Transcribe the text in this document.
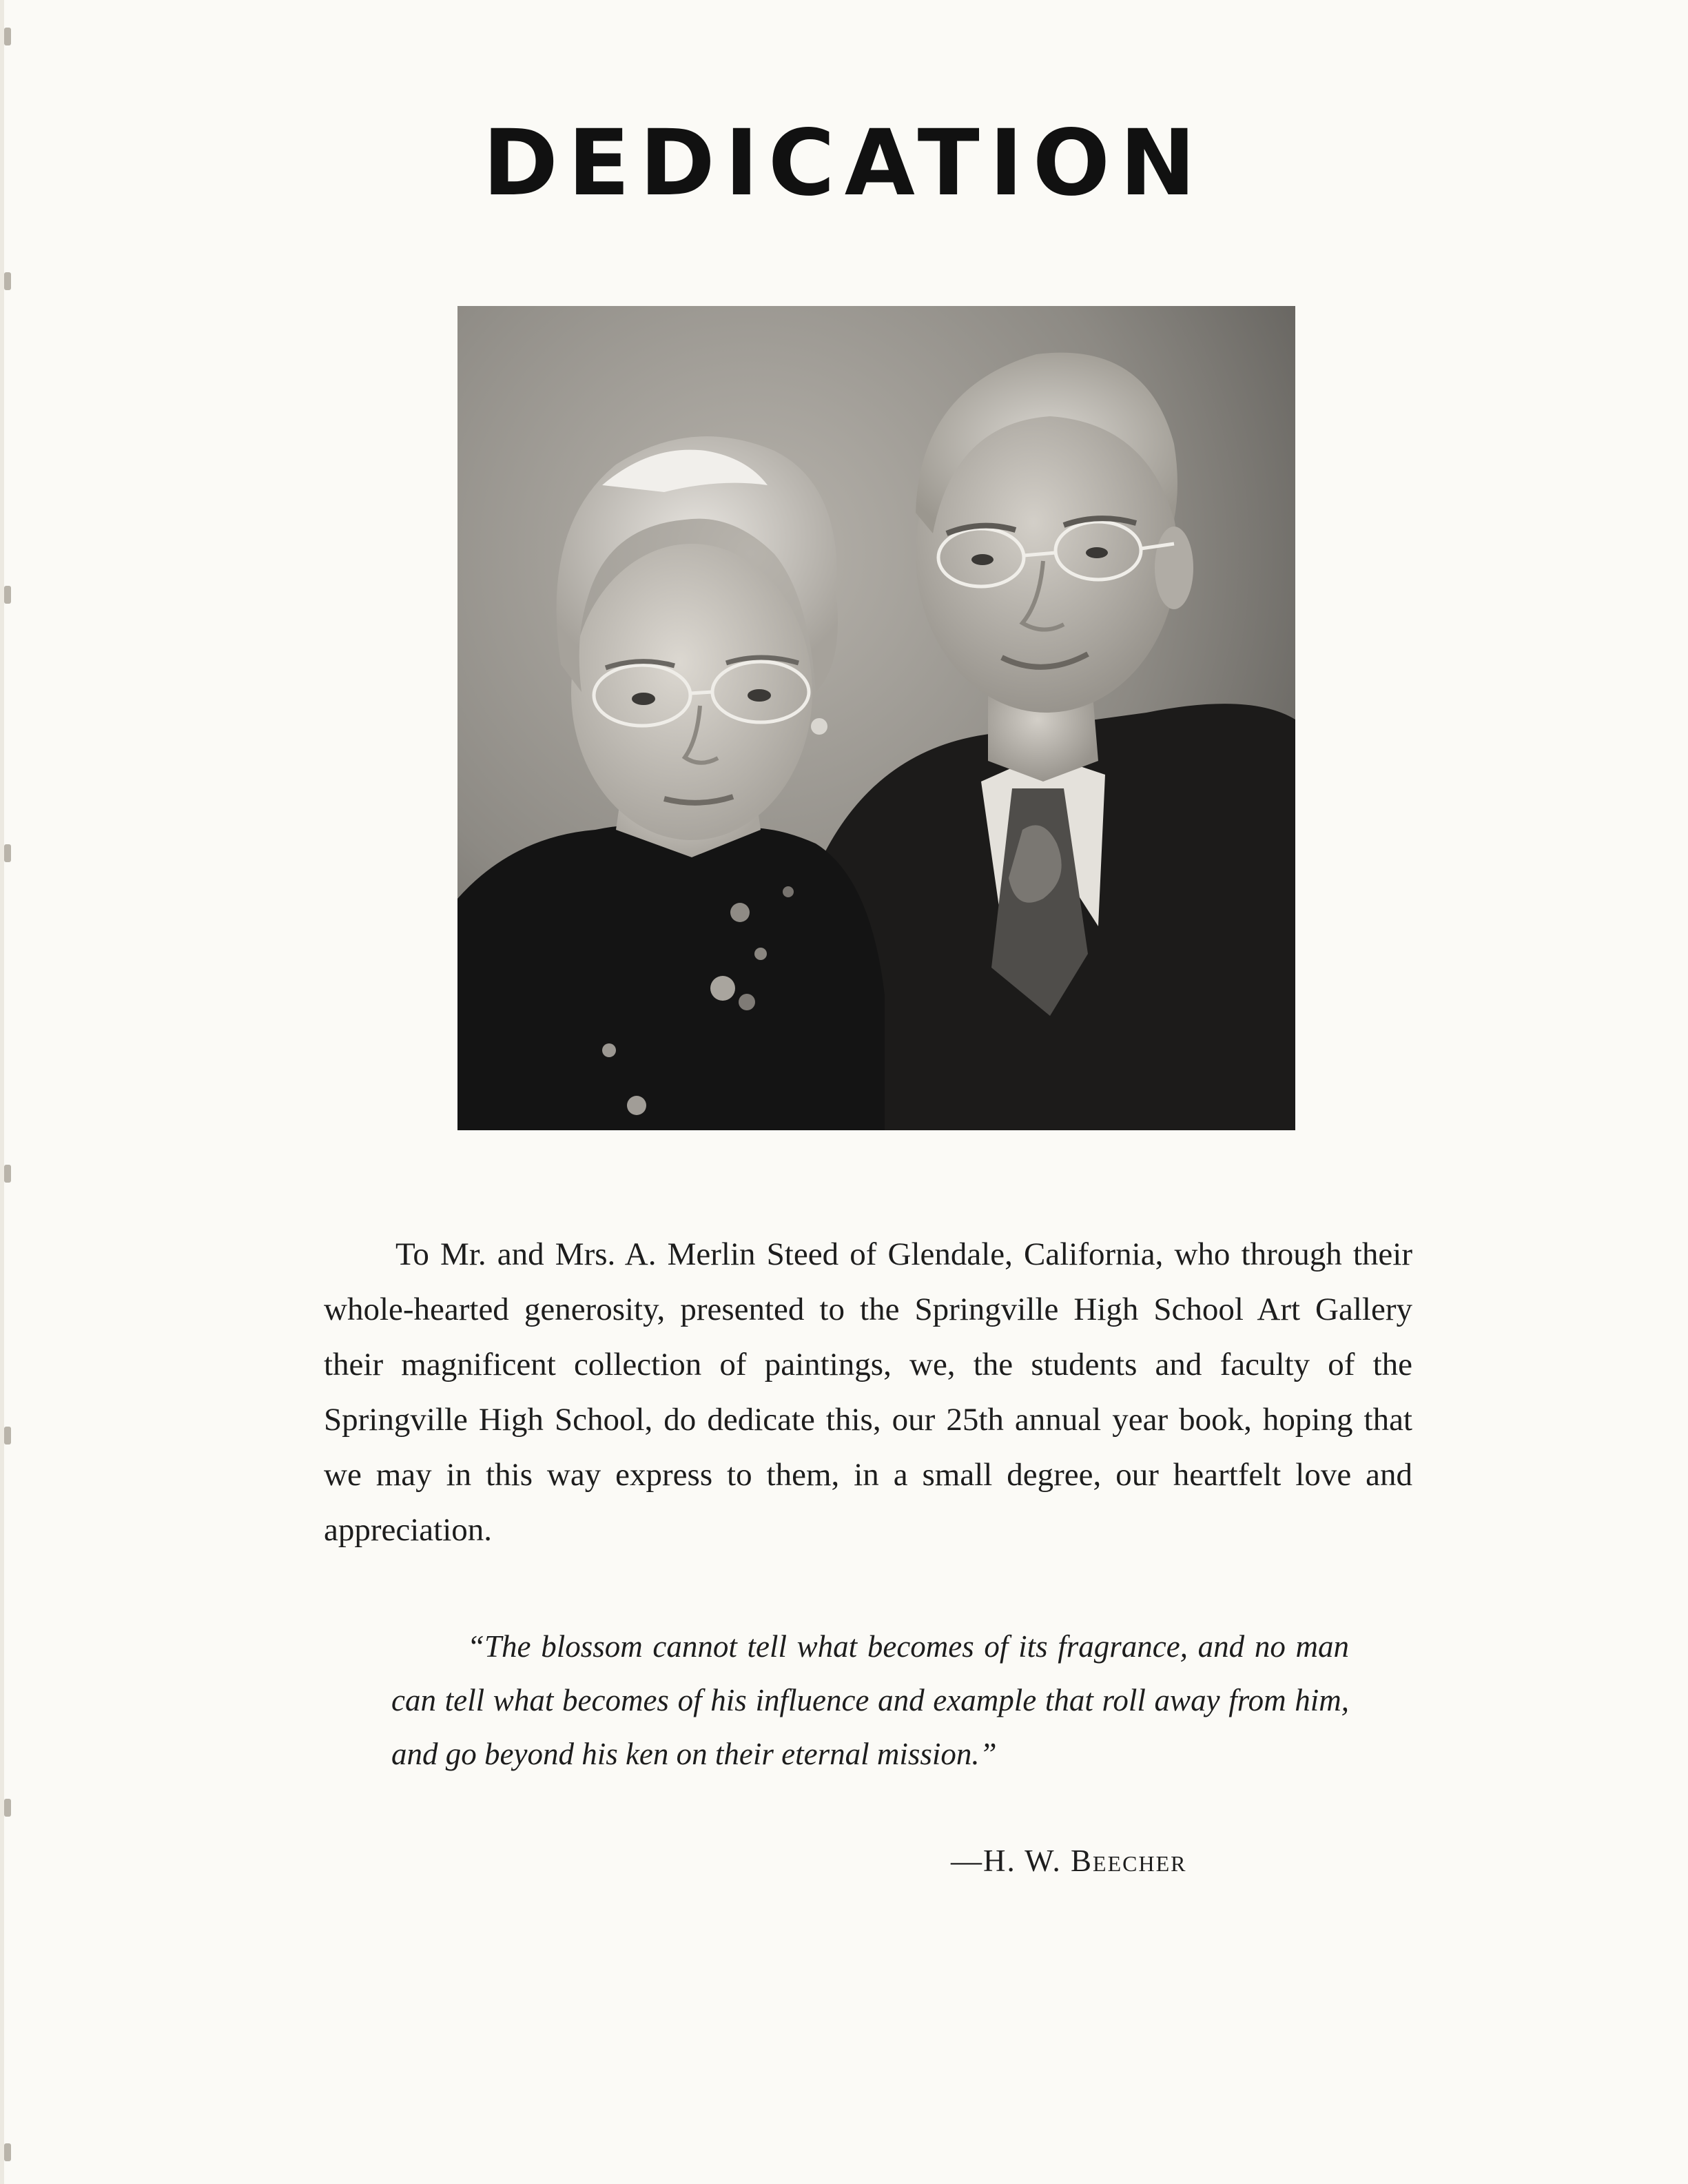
DEDICATION

To Mr. and Mrs. A. Merlin Steed of Glendale, California, who through their whole-hearted generosity, presented to the Springville High School Art Gallery their magnificent collection of paintings, we, the students and faculty of the Springville High School, do dedicate this, our 25th annual year book, hoping that we may in this way express to them, in a small degree, our heartfelt love and appreciation.

“The blossom cannot tell what becomes of its fragrance, and no man can tell what becomes of his influence and example that roll away from him, and go beyond his ken on their eternal mission.”

—H. W. Beecher
